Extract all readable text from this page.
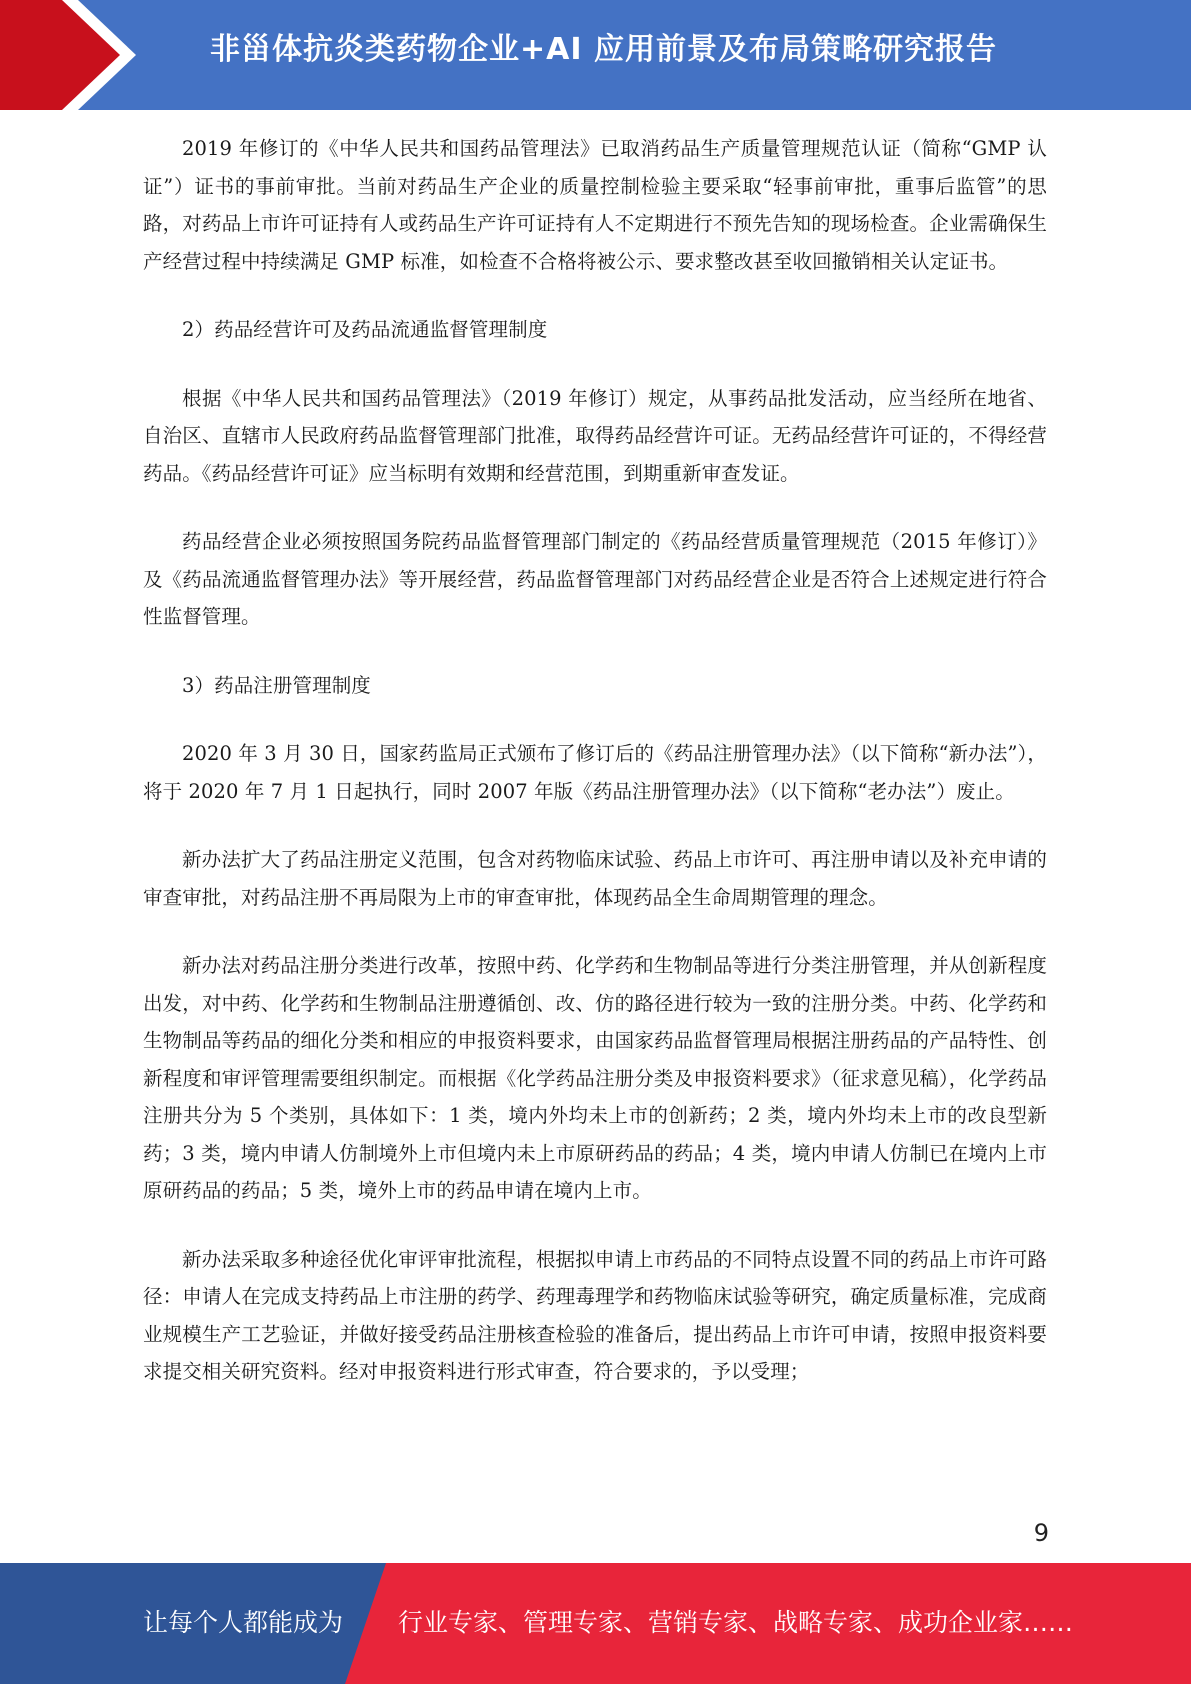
非甾体抗炎类药物企业+AI 应用前景及布局策略研究报告

2019 年修订的《中华人民共和国药品管理法》已取消药品生产质量管理规范认证（简称“GMP 认证”）证书的事前审批。当前对药品生产企业的质量控制检验主要采取“轻事前审批，重事后监管”的思路，对药品上市许可证持有人或药品生产许可证持有人不定期进行不预先告知的现场检查。企业需确保生产经营过程中持续满足 GMP 标准，如检查不合格将被公示、要求整改甚至收回撤销相关认定证书。

2）药品经营许可及药品流通监督管理制度

根据《中华人民共和国药品管理法》（2019 年修订）规定，从事药品批发活动，应当经所在地省、自治区、直辖市人民政府药品监督管理部门批准，取得药品经营许可证。无药品经营许可证的，不得经营药品。《药品经营许可证》应当标明有效期和经营范围，到期重新审查发证。

药品经营企业必须按照国务院药品监督管理部门制定的《药品经营质量管理规范（2015 年修订）》及《药品流通监督管理办法》等开展经营，药品监督管理部门对药品经营企业是否符合上述规定进行符合性监督管理。

3）药品注册管理制度

2020 年 3 月 30 日，国家药监局正式颁布了修订后的《药品注册管理办法》（以下简称“新办法”），将于 2020 年 7 月 1 日起执行，同时 2007 年版《药品注册管理办法》（以下简称“老办法”）废止。

新办法扩大了药品注册定义范围，包含对药物临床试验、药品上市许可、再注册申请以及补充申请的审查审批，对药品注册不再局限为上市的审查审批，体现药品全生命周期管理的理念。

新办法对药品注册分类进行改革，按照中药、化学药和生物制品等进行分类注册管理，并从创新程度出发，对中药、化学药和生物制品注册遵循创、改、仿的路径进行较为一致的注册分类。中药、化学药和生物制品等药品的细化分类和相应的申报资料要求，由国家药品监督管理局根据注册药品的产品特性、创新程度和审评管理需要组织制定。而根据《化学药品注册分类及申报资料要求》（征求意见稿），化学药品注册共分为 5 个类别，具体如下：1 类，境内外均未上市的创新药；2 类，境内外均未上市的改良型新药；3 类，境内申请人仿制境外上市但境内未上市原研药品的药品；4 类，境内申请人仿制已在境内上市原研药品的药品；5 类，境外上市的药品申请在境内上市。

新办法采取多种途径优化审评审批流程，根据拟申请上市药品的不同特点设置不同的药品上市许可路径：申请人在完成支持药品上市注册的药学、药理毒理学和药物临床试验等研究，确定质量标准，完成商业规模生产工艺验证，并做好接受药品注册核查检验的准备后，提出药品上市许可申请，按照申报资料要求提交相关研究资料。经对申报资料进行形式审查，符合要求的，予以受理；

9
让每个人都能成为 行业专家、管理专家、营销专家、战略专家、成功企业家……
